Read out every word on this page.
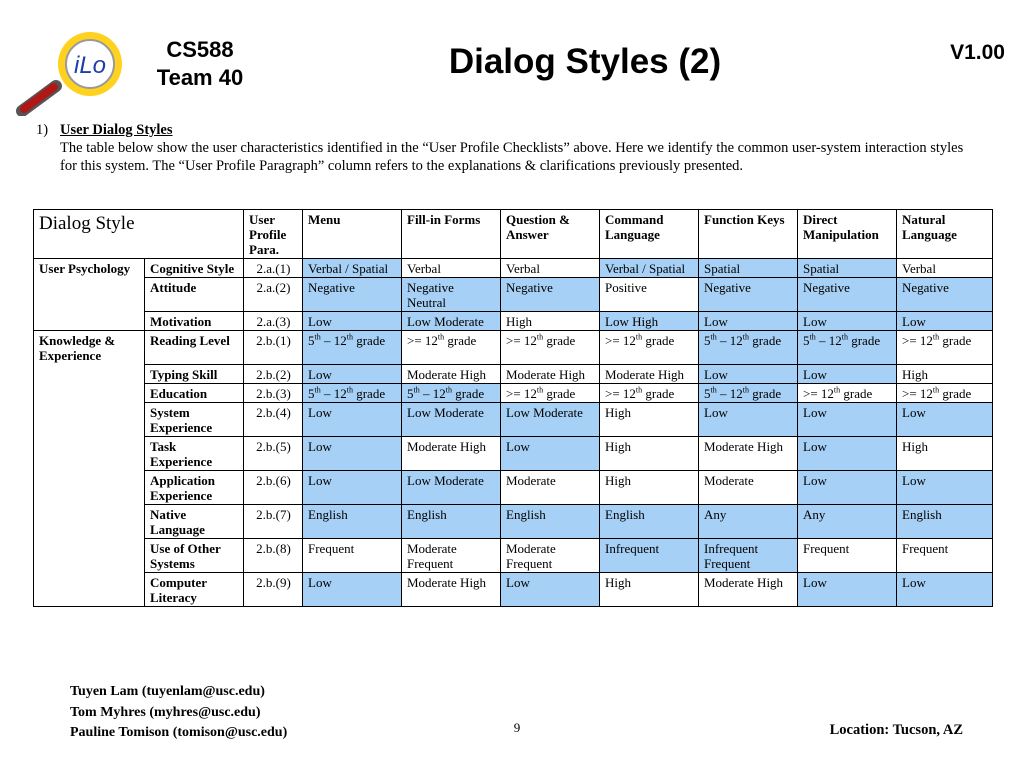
iLo
CS588
Team 40	Dialog Styles (2)	V1.00
1) User Dialog Styles
The table below show the user characteristics identified in the “User Profile Checklists” above. Here we identify the common user-system interaction styles for this system. The “User Profile Paragraph” column refers to the explanations & clarifications previously presented.
Dialog Style		User Profile Para.	Menu	Fill-in Forms	Question & Answer	Command Language	Function Keys	Direct Manipulation	Natural Language
User Psychology	Cognitive Style	2.a.(1)	Verbal / Spatial	Verbal	Verbal	Verbal / Spatial	Spatial	Spatial	Verbal
	Attitude	2.a.(2)	Negative	Negative Neutral	Negative	Positive	Negative	Negative	Negative
	Motivation	2.a.(3)	Low	Low Moderate	High	Low High	Low	Low	Low
Knowledge & Experience	Reading Level	2.b.(1)	5th – 12th grade	>= 12th grade	>= 12th grade	>= 12th grade	5th – 12th grade	5th – 12th grade	>= 12th grade
	Typing Skill	2.b.(2)	Low	Moderate High	Moderate High	Moderate High	Low	Low	High
	Education	2.b.(3)	5th – 12th grade	5th – 12th grade	>= 12th grade	>= 12th grade	5th – 12th grade	>= 12th grade	>= 12th grade
	System Experience	2.b.(4)	Low	Low Moderate	Low Moderate	High	Low	Low	Low
	Task Experience	2.b.(5)	Low	Moderate High	Low	High	Moderate High	Low	High
	Application Experience	2.b.(6)	Low	Low Moderate	Moderate	High	Moderate	Low	Low
	Native Language	2.b.(7)	English	English	English	English	Any	Any	English
	Use of Other Systems	2.b.(8)	Frequent	Moderate Frequent	Moderate Frequent	Infrequent	Infrequent Frequent	Frequent	Frequent
	Computer Literacy	2.b.(9)	Low	Moderate High	Low	High	Moderate High	Low	Low
Tuyen Lam (tuyenlam@usc.edu)
Tom Myhres (myhres@usc.edu)
Pauline Tomison (tomison@usc.edu)	9	Location: Tucson, AZ
